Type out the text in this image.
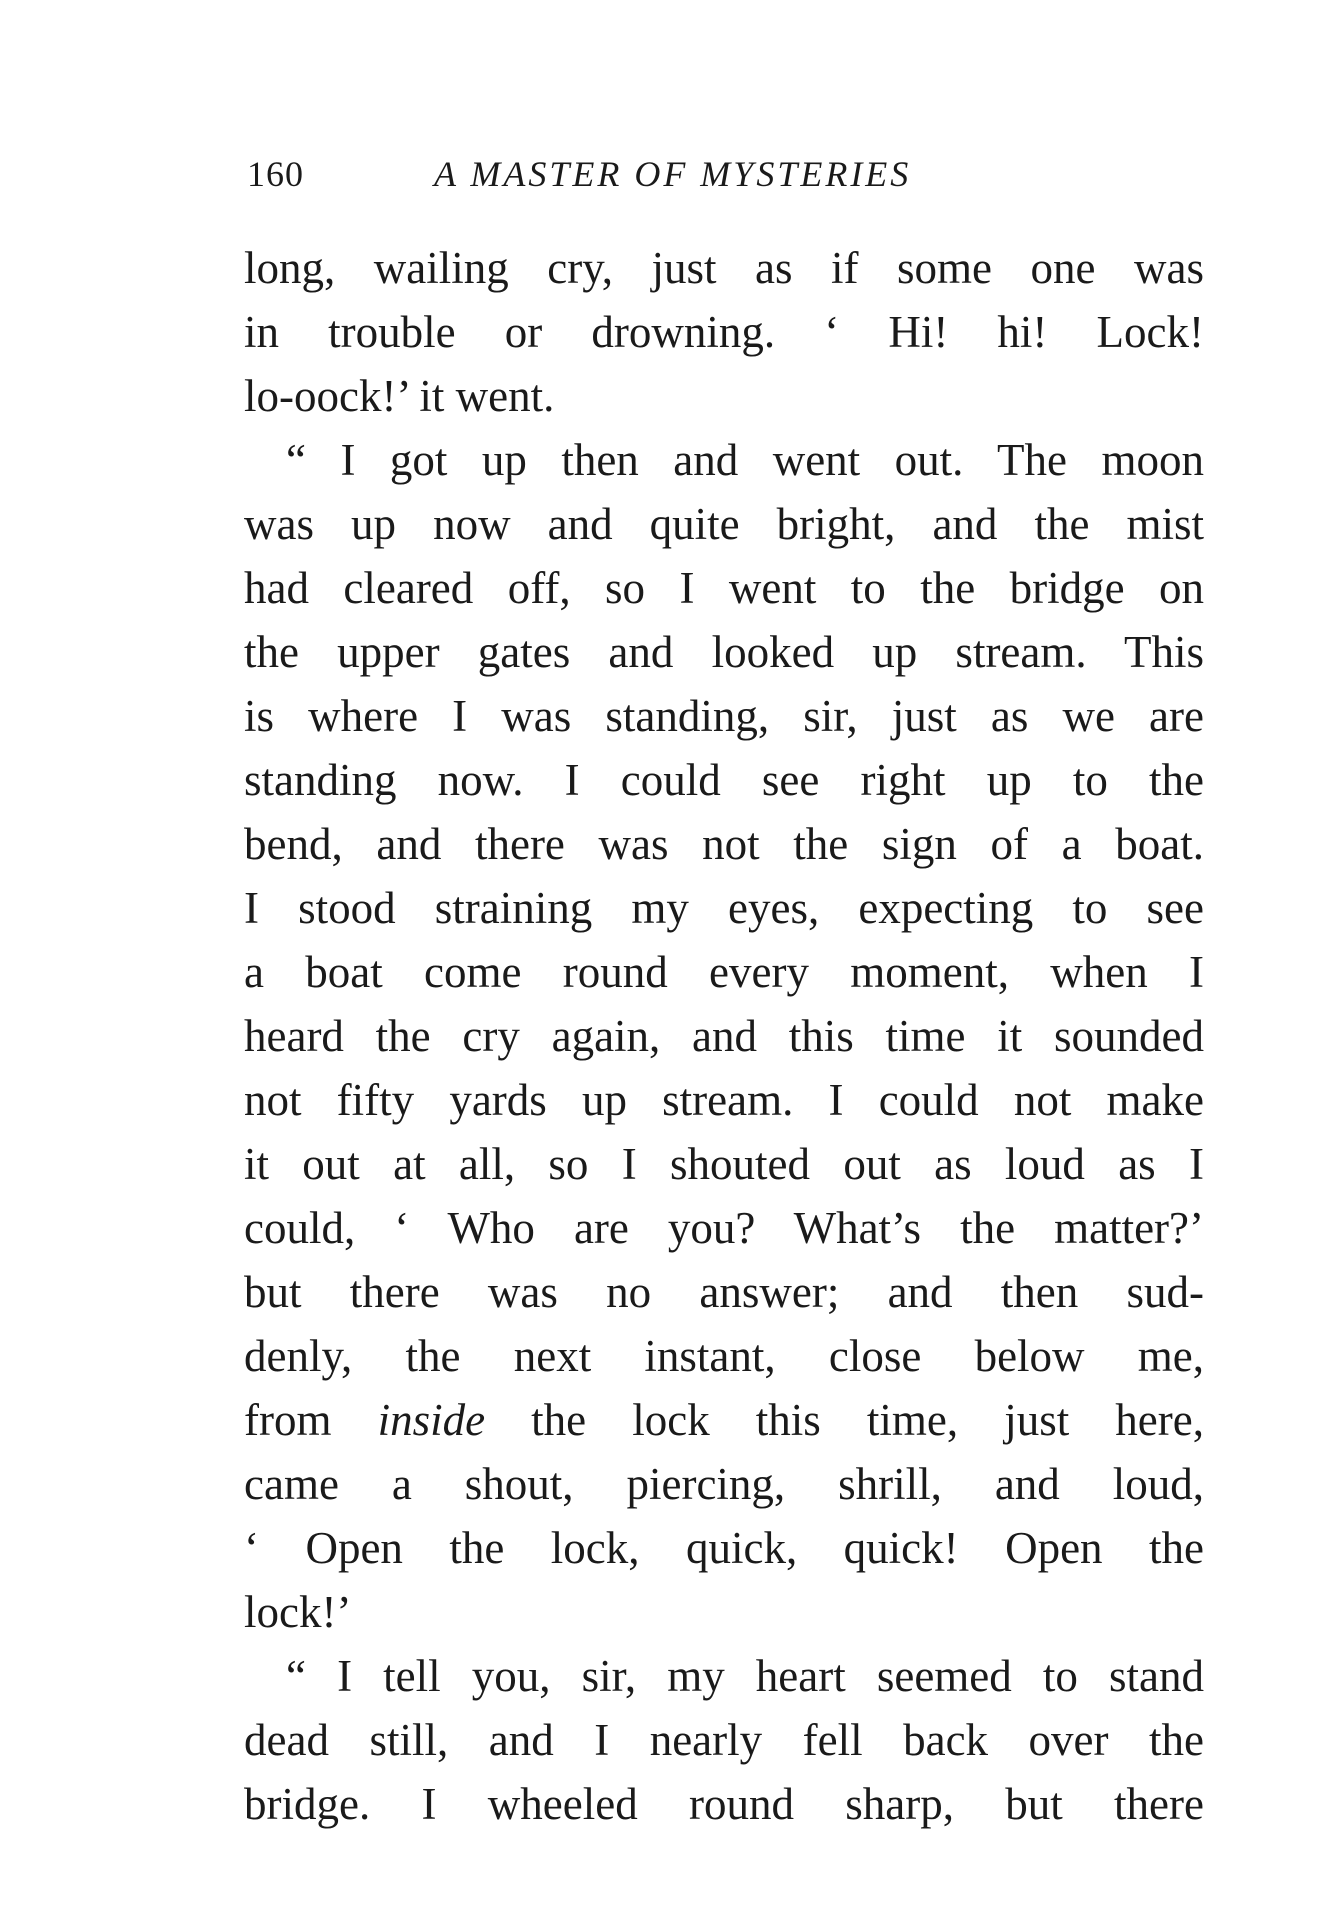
160	A MASTER OF MYSTERIES
long, wailing cry, just as if some one was
in trouble or drowning. ‘ Hi! hi! Lock!
lo-oock!’ it went.
“ I got up then and went out. The moon
was up now and quite bright, and the mist
had cleared off, so I went to the bridge on
the upper gates and looked up stream. This
is where I was standing, sir, just as we are
standing now. I could see right up to the
bend, and there was not the sign of a boat.
I stood straining my eyes, expecting to see
a boat come round every moment, when I
heard the cry again, and this time it sounded
not fifty yards up stream. I could not make
it out at all, so I shouted out as loud as I
could, ‘ Who are you? What’s the matter?’
but there was no answer; and then sud-
denly, the next instant, close below me,
from inside the lock this time, just here,
came a shout, piercing, shrill, and loud,
‘ Open the lock, quick, quick! Open the
lock!’
“ I tell you, sir, my heart seemed to stand
dead still, and I nearly fell back over the
bridge. I wheeled round sharp, but there
